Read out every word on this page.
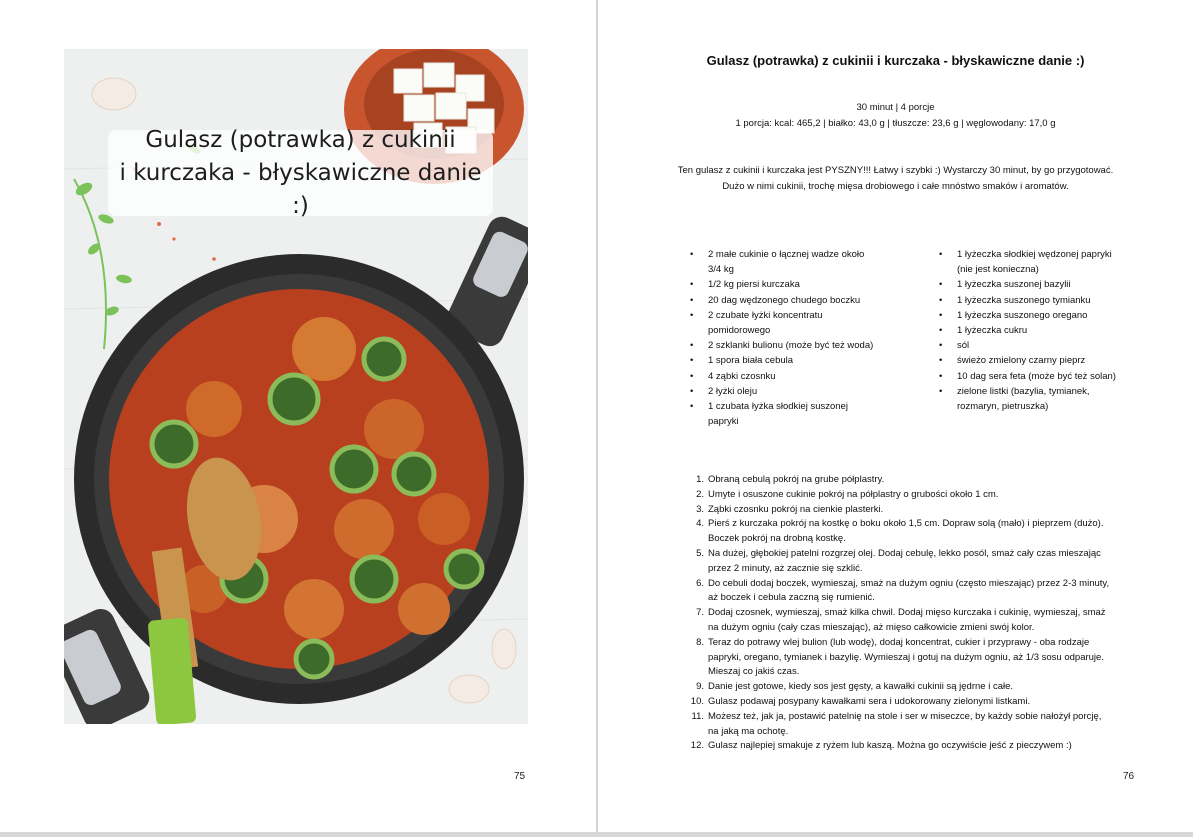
Gulasz (potrawka) z cukinii
i kurczaka - błyskawiczne danie :)
75
Gulasz (potrawka) z cukinii i kurczaka - błyskawiczne danie :)
30 minut | 4 porcje
1 porcja: kcal: 465,2 | białko: 43,0 g | tłuszcze: 23,6 g | węglowodany: 17,0 g
Ten gulasz z cukinii i kurczaka jest PYSZNY!!! Łatwy i szybki :) Wystarczy 30 minut, by go przygotować.
Dużo w nimi cukinii, trochę mięsa drobiowego i całe mnóstwo smaków i aromatów.
• 2 małe cukinie o łącznej wadze około
3/4 kg
• 1/2 kg piersi kurczaka
• 20 dag wędzonego chudego boczku
• 2 czubate łyżki koncentratu
pomidorowego
• 2 szklanki bulionu (może być też woda)
• 1 spora biała cebula
• 4 ząbki czosnku
• 2 łyżki oleju
• 1 czubata łyżka słodkiej suszonej
papryki
• 1 łyżeczka słodkiej wędzonej papryki
(nie jest konieczna)
• 1 łyżeczka suszonej bazylii
• 1 łyżeczka suszonego tymianku
• 1 łyżeczka suszonego oregano
• 1 łyżeczka cukru
• sól
• świeżo zmielony czarny pieprz
• 10 dag sera feta (może być też solan)
• zielone listki (bazylia, tymianek,
rozmaryn, pietruszka)
1. Obraną cebulą pokrój na grube półplastry.
2. Umyte i osuszone cukinie pokrój na półplastry o grubości około 1 cm.
3. Ząbki czosnku pokrój na cienkie plasterki.
4. Pierś z kurczaka pokrój na kostkę o boku około 1,5 cm. Dopraw solą (mało) i pieprzem (dużo).
Boczek pokrój na drobną kostkę.
5. Na dużej, głębokiej patelni rozgrzej olej. Dodaj cebulę, lekko posól, smaż cały czas mieszając
przez 2 minuty, aż zacznie się szklić.
6. Do cebuli dodaj boczek, wymieszaj, smaż na dużym ogniu (często mieszając) przez 2-3 minuty,
aż boczek i cebula zaczną się rumienić.
7. Dodaj czosnek, wymieszaj, smaż kilka chwil. Dodaj mięso kurczaka i cukinię, wymieszaj, smaż
na dużym ogniu (cały czas mieszając), aż mięso całkowicie zmieni swój kolor.
8. Teraz do potrawy wlej bulion (lub wodę), dodaj koncentrat, cukier i przyprawy - oba rodzaje
papryki, oregano, tymianek i bazylię. Wymieszaj i gotuj na dużym ogniu, aż 1/3 sosu odparuje.
Mieszaj co jakiś czas.
9. Danie jest gotowe, kiedy sos jest gęsty, a kawałki cukinii są jędrne i całe.
10. Gulasz podawaj posypany kawałkami sera i udokorowany zielonymi listkami.
11. Możesz też, jak ja, postawić patelnię na stole i ser w miseczce, by każdy sobie nałożył porcję,
na jaką ma ochotę.
12. Gulasz najlepiej smakuje z ryżem lub kaszą. Można go oczywiście jeść z pieczywem :)
76
